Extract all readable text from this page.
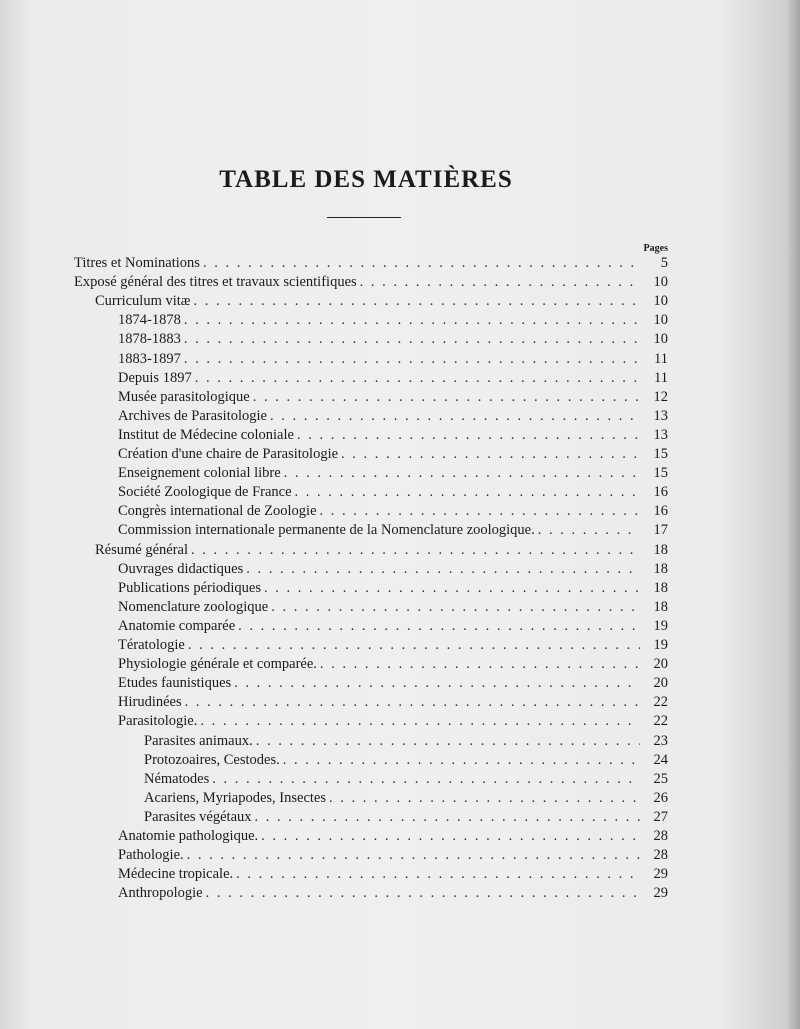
TABLE DES MATIÈRES
Pages
Titres et Nominations . . .	5
Exposé général des titres et travaux scientifiques . . .	10
Curriculum vitæ . . .	10
1874-1878 . . .	10
1878-1883 . . .	10
1883-1897 . . .	11
Depuis 1897 . . .	11
Musée parasitologique . . .	12
Archives de Parasitologie . . .	13
Institut de Médecine coloniale . . .	13
Création d'une chaire de Parasitologie . . .	15
Enseignement colonial libre . . .	15
Société Zoologique de France . . .	16
Congrès international de Zoologie . . .	16
Commission internationale permanente de la Nomenclature zoologique. . . .	17
Résumé général . . .	18
Ouvrages didactiques . . .	18
Publications périodiques . . .	18
Nomenclature zoologique . . .	18
Anatomie comparée . . .	19
Tératologie . . .	19
Physiologie générale et comparée. . . .	20
Etudes faunistiques . . .	20
Hirudinées . . .	22
Parasitologie. . . .	22
Parasites animaux. . . .	23
Protozoaires, Cestodes. . . .	24
Nématodes . . .	25
Acariens, Myriapodes, Insectes . . .	26
Parasites végétaux . . .	27
Anatomie pathologique. . . .	28
Pathologie. . . .	28
Médecine tropicale. . . .	29
Anthropologie . . .	29
